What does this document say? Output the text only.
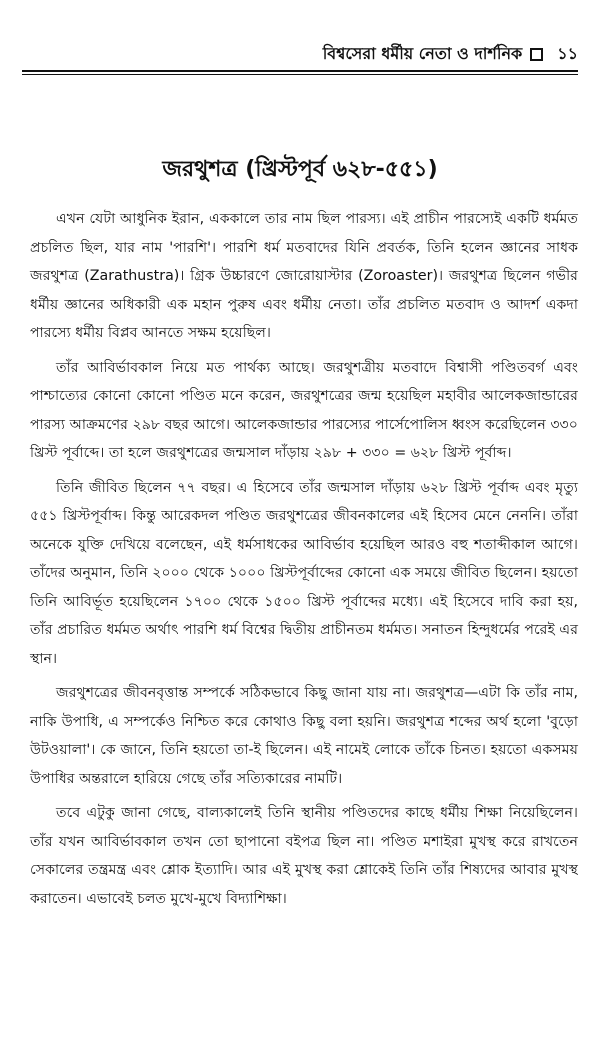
বিশ্বসেরা ধর্মীয় নেতা ও দার্শনিক ১১
জরথুশত্র (খ্রিস্টপূর্ব ৬২৮-৫৫১)

এখন যেটা আধুনিক ইরান, এককালে তার নাম ছিল পারস্য। এই প্রাচীন পারস্যেই একটি ধর্মমত প্রচলিত ছিল, যার নাম 'পারশি'। পারশি ধর্ম মতবাদের যিনি প্রবর্তক, তিনি হলেন জ্ঞানের সাধক জরথুশত্র (Zarathustra)। গ্রিক উচ্চারণে জোরোয়াস্টার (Zoroaster)। জরথুশত্র ছিলেন গভীর ধর্মীয় জ্ঞানের অধিকারী এক মহান পুরুষ এবং ধর্মীয় নেতা। তাঁর প্রচলিত মতবাদ ও আদর্শ একদা পারস্যে ধর্মীয় বিপ্লব আনতে সক্ষম হয়েছিল।

তাঁর আবির্ভাবকাল নিয়ে মত পার্থক্য আছে। জরথুশত্রীয় মতবাদে বিশ্বাসী পণ্ডিতবর্গ এবং পাশ্চাত্যের কোনো কোনো পণ্ডিত মনে করেন, জরথুশত্রের জন্ম হয়েছিল মহাবীর আলেকজান্ডারের পারস্য আক্রমণের ২৯৮ বছর আগে। আলেকজান্ডার পারস্যের পার্সেপোলিস ধ্বংস করেছিলেন ৩৩০ খ্রিস্ট পূর্বাব্দে। তা হলে জরথুশত্রের জন্মসাল দাঁড়ায় ২৯৮ + ৩৩০ = ৬২৮ খ্রিস্ট পূর্বাব্দ।

তিনি জীবিত ছিলেন ৭৭ বছর। এ হিসেবে তাঁর জন্মসাল দাঁড়ায় ৬২৮ খ্রিস্ট পূর্বাব্দ এবং মৃত্যু ৫৫১ খ্রিস্টপূর্বাব্দ। কিন্তু আরেকদল পণ্ডিত জরথুশত্রের জীবনকালের এই হিসেব মেনে নেননি। তাঁরা অনেকে যুক্তি দেখিয়ে বলেছেন, এই ধর্মসাধকের আবির্ভাব হয়েছিল আরও বহু শতাব্দীকাল আগে। তাঁদের অনুমান, তিনি ২০০০ থেকে ১০০০ খ্রিস্টপূর্বাব্দের কোনো এক সময়ে জীবিত ছিলেন। হয়তো তিনি আবির্ভূত হয়েছিলেন ১৭০০ থেকে ১৫০০ খ্রিস্ট পূর্বাব্দের মধ্যে। এই হিসেবে দাবি করা হয়, তাঁর প্রচারিত ধর্মমত অর্থাৎ পারশি ধর্ম বিশ্বের দ্বিতীয় প্রাচীনতম ধর্মমত। সনাতন হিন্দুধর্মের পরেই এর স্থান।

জরথুশত্রের জীবনবৃত্তান্ত সম্পর্কে সঠিকভাবে কিছু জানা যায় না। জরথুশত্র—এটা কি তাঁর নাম, নাকি উপাধি, এ সম্পর্কেও নিশ্চিত করে কোথাও কিছু বলা হয়নি। জরথুশত্র শব্দের অর্থ হলো 'বুড়ো উটওয়ালা'। কে জানে, তিনি হয়তো তা-ই ছিলেন। এই নামেই লোকে তাঁকে চিনত। হয়তো একসময় উপাধির অন্তরালে হারিয়ে গেছে তাঁর সত্যিকারের নামটি।

তবে এটুকু জানা গেছে, বাল্যকালেই তিনি স্থানীয় পণ্ডিতদের কাছে ধর্মীয় শিক্ষা নিয়েছিলেন। তাঁর যখন আবির্ভাবকাল তখন তো ছাপানো বইপত্র ছিল না। পণ্ডিত মশাইরা মুখস্থ করে রাখতেন সেকালের তন্ত্রমন্ত্র এবং শ্লোক ইত্যাদি। আর এই মুখস্থ করা শ্লোকেই তিনি তাঁর শিষ্যদের আবার মুখস্থ করাতেন। এভাবেই চলত মুখে-মুখে বিদ্যাশিক্ষা।
